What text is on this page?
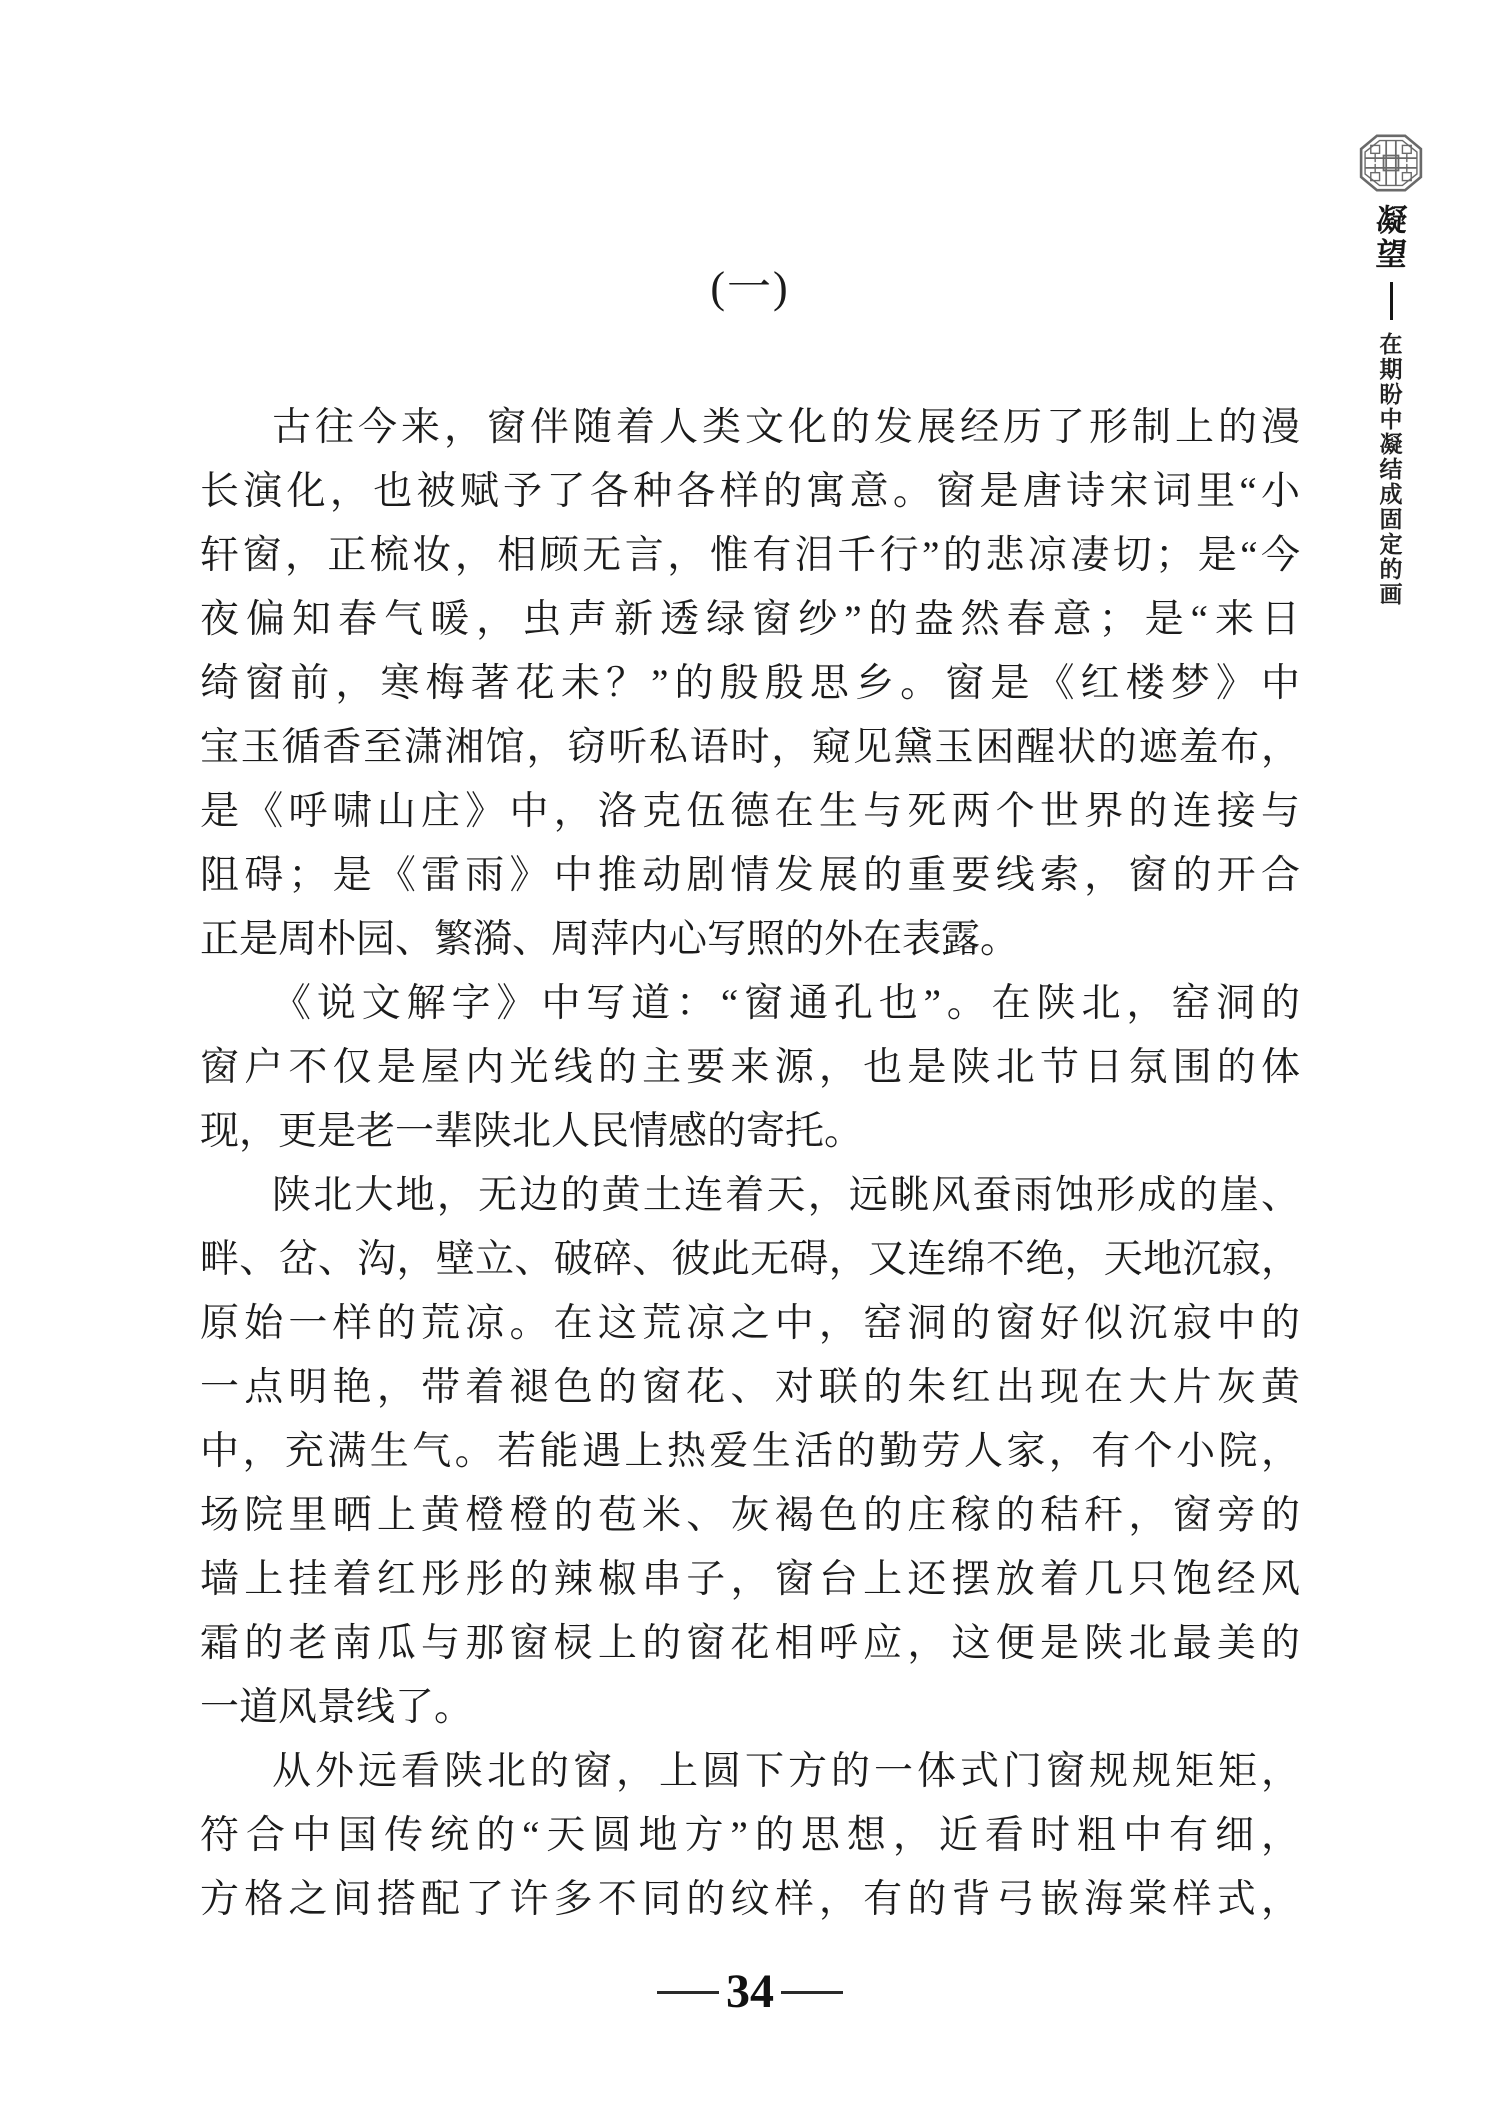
(一)
古往今来，窗伴随着人类文化的发展经历了形制上的漫
长演化，也被赋予了各种各样的寓意。窗是唐诗宋词里“小
轩窗，正梳妆，相顾无言，惟有泪千行”的悲凉凄切；是“今
夜偏知春气暖，虫声新透绿窗纱”的盎然春意；是“来日
绮窗前，寒梅著花未？”的殷殷思乡。窗是《红楼梦》中
宝玉循香至潇湘馆，窃听私语时，窥见黛玉困醒状的遮羞布，
是《呼啸山庄》中，洛克伍德在生与死两个世界的连接与
阻碍；是《雷雨》中推动剧情发展的重要线索，窗的开合
正是周朴园、繁漪、周萍内心写照的外在表露。
《说文解字》中写道：“窗通孔也”。在陕北，窑洞的
窗户不仅是屋内光线的主要来源，也是陕北节日氛围的体
现，更是老一辈陕北人民情感的寄托。
陕北大地，无边的黄土连着天，远眺风蚕雨蚀形成的崖、
畔、岔、沟，壁立、破碎、彼此无碍，又连绵不绝，天地沉寂，
原始一样的荒凉。在这荒凉之中，窑洞的窗好似沉寂中的
一点明艳，带着褪色的窗花、对联的朱红出现在大片灰黄
中，充满生气。若能遇上热爱生活的勤劳人家，有个小院，
场院里晒上黄橙橙的苞米、灰褐色的庄稼的秸秆，窗旁的
墙上挂着红彤彤的辣椒串子，窗台上还摆放着几只饱经风
霜的老南瓜与那窗棂上的窗花相呼应，这便是陕北最美的
一道风景线了。
从外远看陕北的窗，上圆下方的一体式门窗规规矩矩，
符合中国传统的“天圆地方”的思想，近看时粗中有细，
方格之间搭配了许多不同的纹样，有的背弓嵌海棠样式，
凝
望
在
期
盼
中
凝
结
成
固
定
的
画
34
